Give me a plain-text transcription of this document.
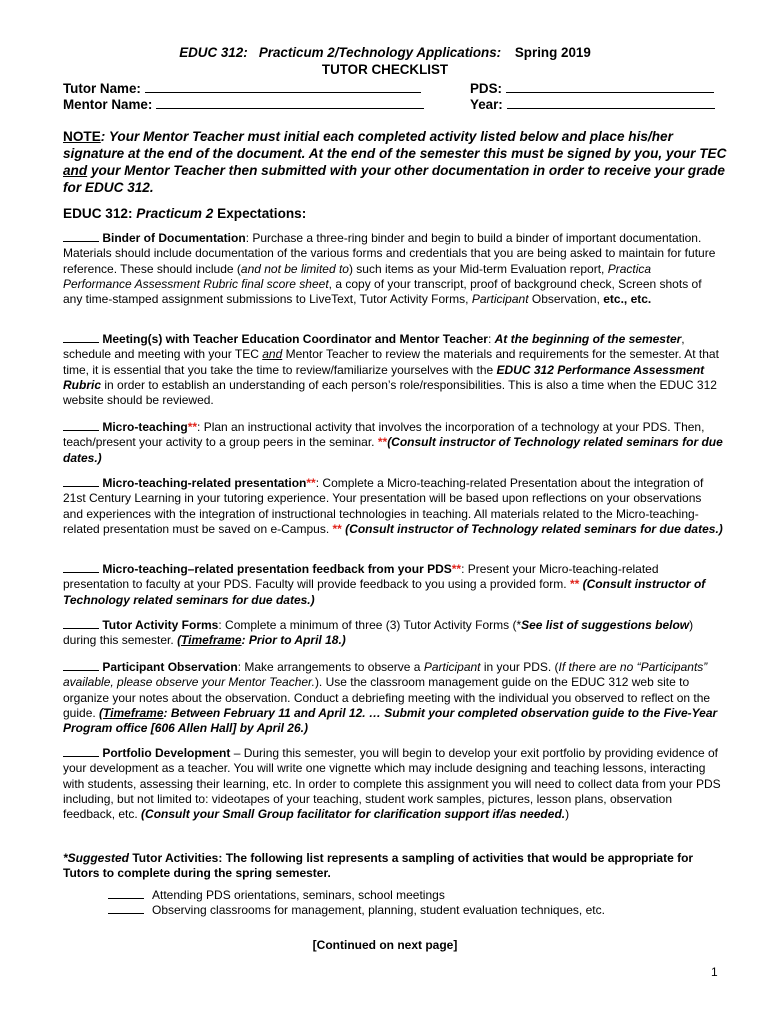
EDUC 312: Practicum 2/Technology Applications: Spring 2019
TUTOR CHECKLIST
Tutor Name:
Mentor Name:
PDS:
Year:
NOTE: Your Mentor Teacher must initial each completed activity listed below and place his/her signature at the end of the document. At the end of the semester this must be signed by you, your TEC and your Mentor Teacher then submitted with your other documentation in order to receive your grade for EDUC 312.
EDUC 312: Practicum 2 Expectations:
Binder of Documentation: Purchase a three-ring binder and begin to build a binder of important documentation. Materials should include documentation of the various forms and credentials that you are being asked to maintain for future reference. These should include (and not be limited to) such items as your Mid-term Evaluation report, Practica Performance Assessment Rubric final score sheet, a copy of your transcript, proof of background check, Screen shots of any time-stamped assignment submissions to LiveText, Tutor Activity Forms, Participant Observation, etc., etc.
Meeting(s) with Teacher Education Coordinator and Mentor Teacher: At the beginning of the semester, schedule and meeting with your TEC and Mentor Teacher to review the materials and requirements for the semester. At that time, it is essential that you take the time to review/familiarize yourselves with the EDUC 312 Performance Assessment Rubric in order to establish an understanding of each person’s role/responsibilities. This is also a time when the EDUC 312 website should be reviewed.
Micro-teaching**: Plan an instructional activity that involves the incorporation of a technology at your PDS. Then, teach/present your activity to a group peers in the seminar. **(Consult instructor of Technology related seminars for due dates.)
Micro-teaching-related presentation**: Complete a Micro-teaching-related Presentation about the integration of 21st Century Learning in your tutoring experience. Your presentation will be based upon reflections on your observations and experiences with the integration of instructional technologies in teaching. All materials related to the Micro-teaching-related presentation must be saved on e-Campus. ** (Consult instructor of Technology related seminars for due dates.)
Micro-teaching–related presentation feedback from your PDS**: Present your Micro-teaching-related presentation to faculty at your PDS. Faculty will provide feedback to you using a provided form. ** (Consult instructor of Technology related seminars for due dates.)
Tutor Activity Forms: Complete a minimum of three (3) Tutor Activity Forms (*See list of suggestions below) during this semester. (Timeframe: Prior to April 18.)
Participant Observation: Make arrangements to observe a Participant in your PDS. (If there are no “Participants” available, please observe your Mentor Teacher.). Use the classroom management guide on the EDUC 312 web site to organize your notes about the observation. Conduct a debriefing meeting with the individual you observed to reflect on the guide. (Timeframe: Between February 11 and April 12. … Submit your completed observation guide to the Five-Year Program office [606 Allen Hall] by April 26.)
Portfolio Development – During this semester, you will begin to develop your exit portfolio by providing evidence of your development as a teacher. You will write one vignette which may include designing and teaching lessons, interacting with students, assessing their learning, etc. In order to complete this assignment you will need to collect data from your PDS including, but not limited to: videotapes of your teaching, student work samples, pictures, lesson plans, observation feedback, etc. (Consult your Small Group facilitator for clarification support if/as needed.)
*Suggested Tutor Activities: The following list represents a sampling of activities that would be appropriate for Tutors to complete during the spring semester.
Attending PDS orientations, seminars, school meetings
Observing classrooms for management, planning, student evaluation techniques, etc.
[Continued on next page]
1
